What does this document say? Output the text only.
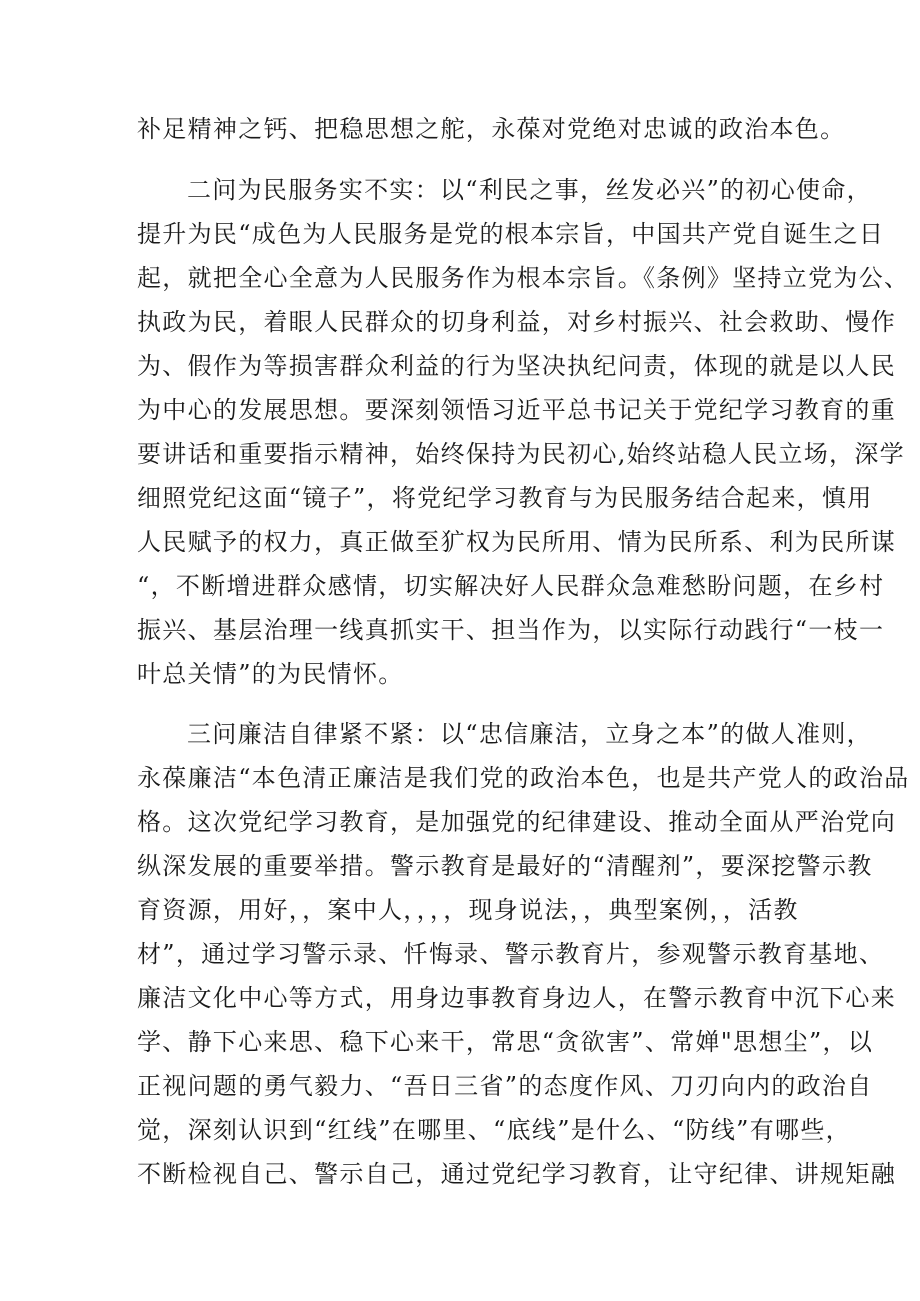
补足精神之钙、把稳思想之舵，永葆对党绝对忠诚的政治本色。
二问为民服务实不实：以“利民之事，丝发必兴”的初心使命，
提升为民“成色为人民服务是党的根本宗旨，中国共产党自诞生之日
起，就把全心全意为人民服务作为根本宗旨。《条例》坚持立党为公、
执政为民，着眼人民群众的切身利益，对乡村振兴、社会救助、慢作
为、假作为等损害群众利益的行为坚决执纪问责，体现的就是以人民
为中心的发展思想。要深刻领悟习近平总书记关于党纪学习教育的重
要讲话和重要指示精神，始终保持为民初心,始终站稳人民立场，深学
细照党纪这面“镜子”，将党纪学习教育与为民服务结合起来，慎用
人民赋予的权力，真正做至犷权为民所用、情为民所系、利为民所谋
“，不断增进群众感情，切实解决好人民群众急难愁盼问题，在乡村
振兴、基层治理一线真抓实干、担当作为，以实际行动践行“一枝一
叶总关情”的为民情怀。
三问廉洁自律紧不紧：以“忠信廉洁，立身之本”的做人准则，
永葆廉洁“本色清正廉洁是我们党的政治本色，也是共产党人的政治品
格。这次党纪学习教育，是加强党的纪律建设、推动全面从严治党向
纵深发展的重要举措。警示教育是最好的“清醒剂”，要深挖警示教
育资源，用好，，案中人，，，，现身说法，，典型案例，，活教
材”，通过学习警示录、忏悔录、警示教育片，参观警示教育基地、
廉洁文化中心等方式，用身边事教育身边人，在警示教育中沉下心来
学、静下心来思、稳下心来干，常思“贪欲害”、常婵"思想尘”，以
正视问题的勇气毅力、“吾日三省”的态度作风、刀刃向内的政治自
觉，深刻认识到“红线”在哪里、“底线”是什么、“防线”有哪些，
不断检视自己、警示自己，通过党纪学习教育，让守纪律、讲规矩融
